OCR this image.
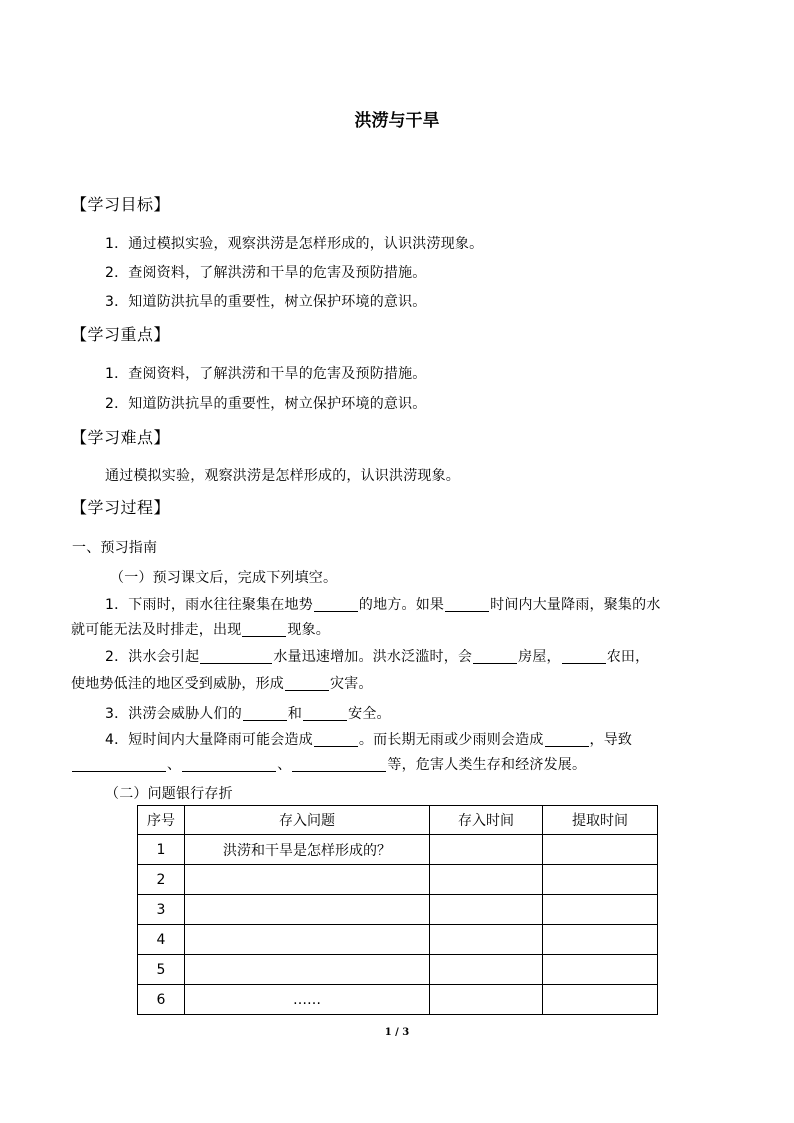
洪涝与干旱
【学习目标】
1．通过模拟实验，观察洪涝是怎样形成的，认识洪涝现象。
2．查阅资料，了解洪涝和干旱的危害及预防措施。
3．知道防洪抗旱的重要性，树立保护环境的意识。
【学习重点】
1．查阅资料，了解洪涝和干旱的危害及预防措施。
2．知道防洪抗旱的重要性，树立保护环境的意识。
【学习难点】
通过模拟实验，观察洪涝是怎样形成的，认识洪涝现象。
【学习过程】
一、预习指南
（一）预习课文后，完成下列填空。
1．下雨时，雨水往往聚集在地势	的地方。如果	时间内大量降雨，聚集的水
就可能无法及时排走，出现	现象。
2．洪水会引起	水量迅速增加。洪水泛滥时，会	房屋，	农田，
使地势低洼的地区受到威胁，形成	灾害。
3．洪涝会威胁人们的	和	安全。
4．短时间内大量降雨可能会造成	。而长期无雨或少雨则会造成	，导致
、	、	等，危害人类生存和经济发展。
（二）问题银行存折
序号	存入问题	存入时间	提取时间
1	洪涝和干旱是怎样形成的？		
2			
3			
4			
5			
6	……		
1 / 3
